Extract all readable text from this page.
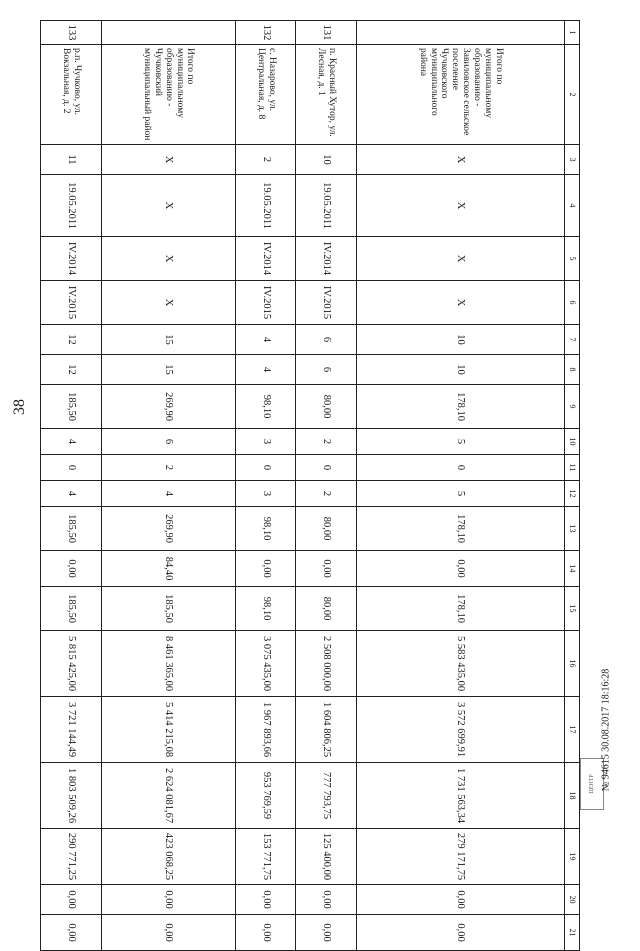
38
1	2	3	4	5	6	7	8	9	10	11	12	13	14	15	16	17	18	19	20	21
	Итого по муниципальному образованию - Завиловское сельское поселение Чучковского муниципального района	X	X	X	X	10	10	178,10	5	0	5	178,10	0,00	178,10	5 583 435,00	3 572 699,91	1 731 563,34	279 171,75	0,00	0,00
131	п. Красный Хутор, ул. Лесная, д. 1	10	19.05.2011	IV.2014	IV.2015	6	6	80,00	2	0	2	80,00	0,00	80,00	2 508 000,00	1 604 806,25	777 793,75	125 400,00	0,00	0,00
132	с. Назарово, ул. Центральная, д. 8	2	19.05.2011	IV.2014	IV.2015	4	4	98,10	3	0	3	98,10	0,00	98,10	3 075 435,00	1 967 893,66	953 769,59	153 771,75	0,00	0,00
	Итого по муниципальному образованию - Чучковский муниципальный район	X	X	X	X	15	15	269,90	6	2	4	269,90	84,40	185,50	8 461 365,00	5 414 215,08	2 624 081,67	423 068,25	0,00	0,00
133	р.п. Чучково, ул. Вокзальная, д. 2	11	19.05.2011	IV.2014	IV.2015	12	12	185,50	4	0	4	185,50	0,00	185,50	5 815 425,00	3 721 144,49	1 803 509,26	290 771,25	0,00	0,00
ЦЕНТР № 94615 30.08.2017 18:16:28
